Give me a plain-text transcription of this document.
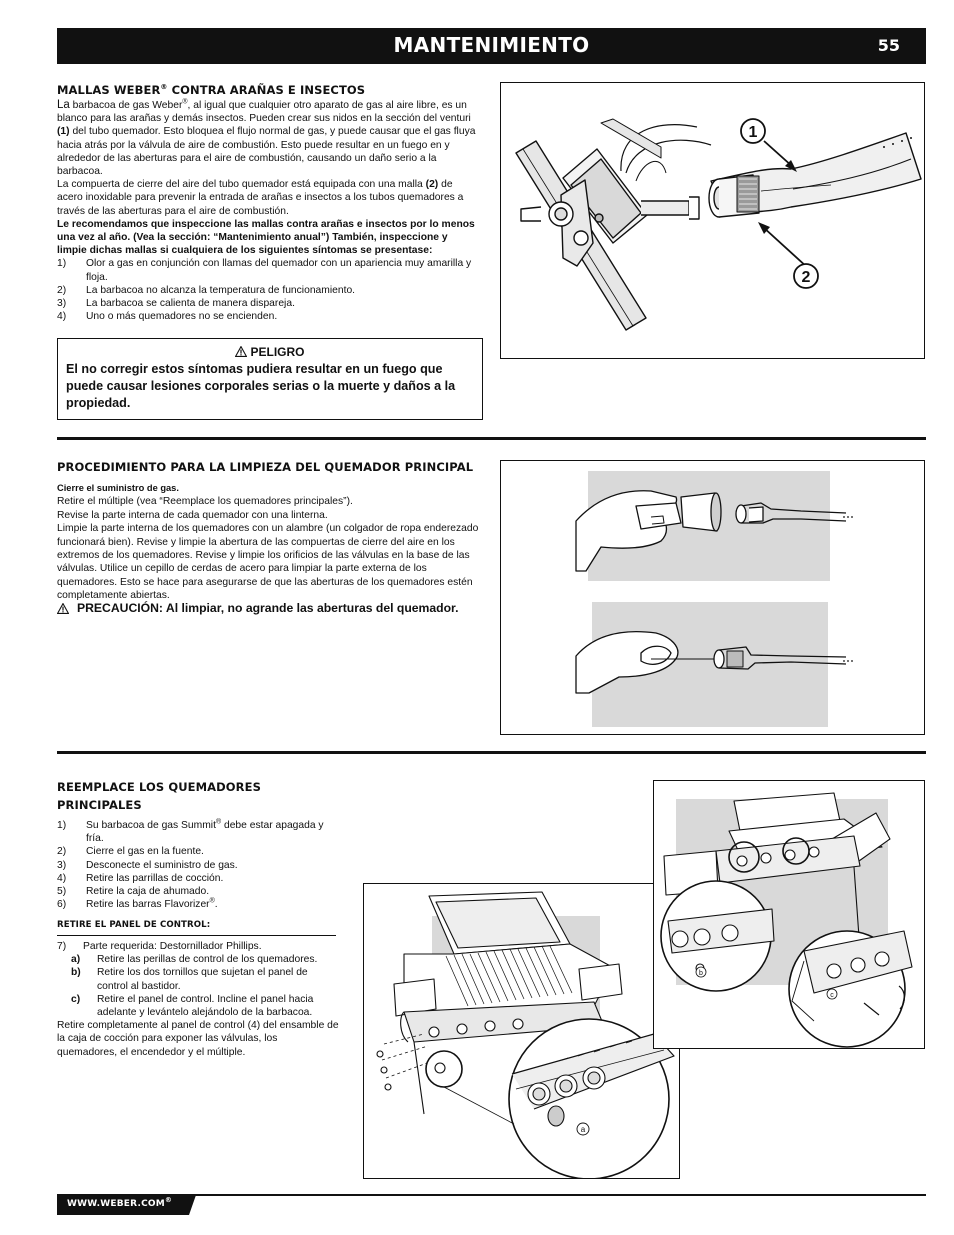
MANTENIMIENTO	55
MALLAS WEBER® CONTRA ARAÑAS E INSECTOS

La barbacoa de gas Weber®, al igual que cualquier otro aparato de gas al aire libre, es un blanco para las arañas y demás insectos. Pueden crear sus nidos en la sección del venturi (1) del tubo quemador. Esto bloquea el flujo normal de gas, y puede causar que el gas fluya hacia atrás por la válvula de aire de combustión. Esto puede resultar en un fuego en y alrededor de las aberturas para el aire de combustión, causando un daño serio a la barbacoa.

La compuerta de cierre del aire del tubo quemador está equipada con una malla (2) de acero inoxidable para prevenir la entrada de arañas e insectos a los tubos quemadores a través de las aberturas para el aire de combustión.

Le recomendamos que inspeccione las mallas contra arañas e insectos por lo menos una vez al año. (Vea la sección: “Mantenimiento anual”) También, inspeccione y limpie dichas mallas si cualquiera de los siguientes síntomas se presentase:

1) Olor a gas en conjunción con llamas del quemador con un apariencia muy amarilla y floja.
2) La barbacoa no alcanza la temperatura de funcionamiento.
3) La barbacoa se calienta de manera dispareja.
4) Uno o más quemadores no se encienden.
PELIGRO
El no corregir estos síntomas pudiera resultar en un fuego que puede causar lesiones corporales serias o la muerte y daños a la propiedad.
1
2
PROCEDIMIENTO PARA LA LIMPIEZA DEL QUEMADOR PRINCIPAL

Cierre el suministro de gas.

Retire el múltiple (vea “Reemplace los quemadores principales”).

Revise la parte interna de cada quemador con una linterna.

Limpie la parte interna de los quemadores con un alambre (un colgador de ropa enderezado funcionará bien). Revise y limpie la abertura de las compuertas de cierre del aire en los extremos de los quemadores. Revise y limpie los orificios de las válvulas en la base de las válvulas. Utilice un cepillo de cerdas de acero para limpiar la parte externa de los quemadores. Esto se hace para asegurarse de que las aberturas de los quemadores estén completamente abiertas.

PRECAUCIÓN: Al limpiar, no agrande las aberturas del quemador.
REEMPLACE LOS QUEMADORES
PRINCIPALES
1) Su barbacoa de gas Summit® debe estar apagada y fría.
2) Cierre el gas en la fuente.
3) Desconecte el suministro de gas.
4) Retire las parrillas de cocción.
5) Retire la caja de ahumado.
6) Retire las barras Flavorizer®.
RETIRE EL PANEL DE CONTROL:
7) Parte requerida: Destornillador Phillips.
a) Retire las perillas de control de los quemadores.
b) Retire los dos tornillos que sujetan el panel de control al bastidor.
c) Retire el panel de control. Incline el panel hacia adelante y levántelo alejándolo de la barbacoa.

Retire completamente al panel de control (4) del ensamble de la caja de cocción para exponer las válvulas, los quemadores, el encendedor y el múltiple.

a
b
c
WWW.WEBER.COM®
